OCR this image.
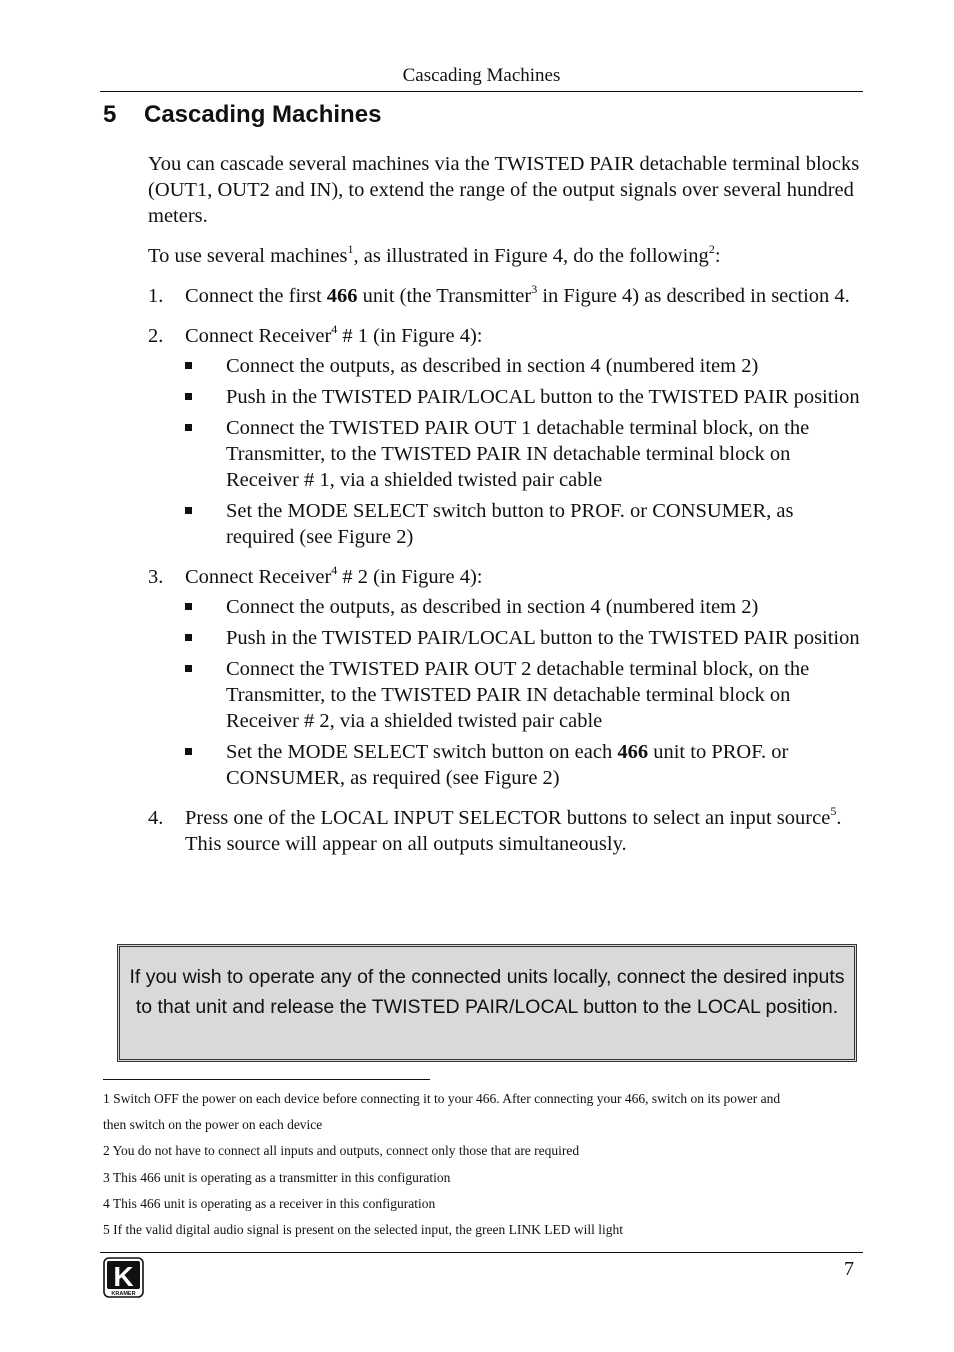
Cascading Machines
5 Cascading Machines

You can cascade several machines via the TWISTED PAIR detachable terminal blocks (OUT1, OUT2 and IN), to extend the range of the output signals over several hundred meters.

To use several machines$^1$, as illustrated in Figure 4, do the following$^2$:

1. Connect the first 466 unit (the Transmitter$^3$ in Figure 4) as described in section 4.
2. Connect Receiver$^4$ # 1 (in Figure 4):
Connect the outputs, as described in section 4 (numbered item 2)
Push in the TWISTED PAIR/LOCAL button to the TWISTED PAIR position
Connect the TWISTED PAIR OUT 1 detachable terminal block, on the Transmitter, to the TWISTED PAIR IN detachable terminal block on Receiver # 1, via a shielded twisted pair cable
Set the MODE SELECT switch button to PROF. or CONSUMER, as required (see Figure 2)
3. Connect Receiver$^4$ # 2 (in Figure 4):
Connect the outputs, as described in section 4 (numbered item 2)
Push in the TWISTED PAIR/LOCAL button to the TWISTED PAIR position
Connect the TWISTED PAIR OUT 2 detachable terminal block, on the Transmitter, to the TWISTED PAIR IN detachable terminal block on Receiver # 2, via a shielded twisted pair cable
Set the MODE SELECT switch button on each 466 unit to PROF. or CONSUMER, as required (see Figure 2)
4. Press one of the LOCAL INPUT SELECTOR buttons to select an input source$^5$. This source will appear on all outputs simultaneously.
If you wish to operate any of the connected units locally, connect the desired inputs to that unit and release the TWISTED PAIR/LOCAL button to the LOCAL position.
1 Switch OFF the power on each device before connecting it to your 466. After connecting your 466, switch on its power and
then switch on the power on each device
2 You do not have to connect all inputs and outputs, connect only those that are required
3 This 466 unit is operating as a transmitter in this configuration
4 This 466 unit is operating as a receiver in this configuration
5 If the valid digital audio signal is present on the selected input, the green LINK LED will light
K
KRAMER
7
